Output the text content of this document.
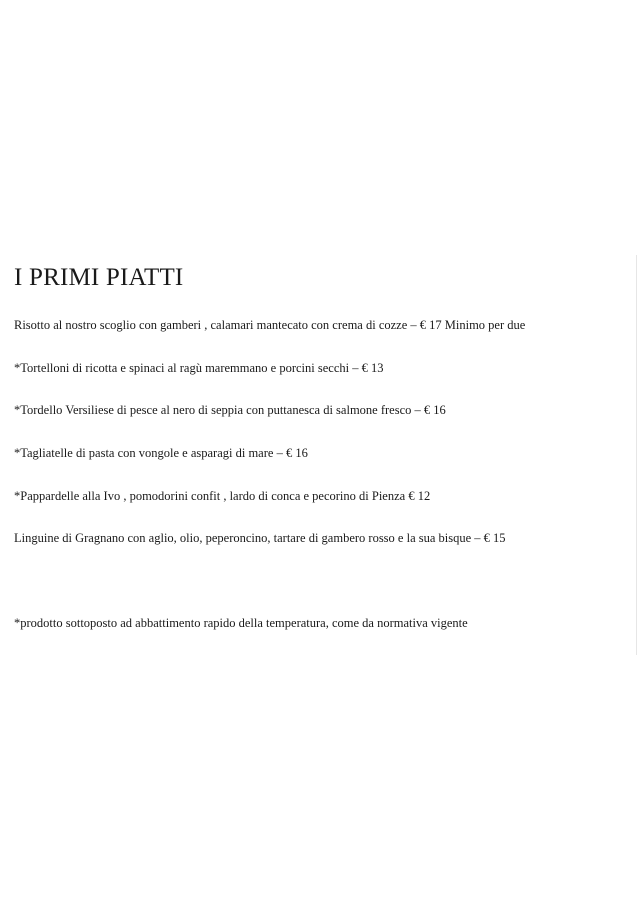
I PRIMI PIATTI

Risotto al nostro scoglio con gamberi , calamari mantecato con crema di cozze – € 17 Minimo per due

*Tortelloni di ricotta e spinaci al ragù maremmano e porcini secchi – € 13

*Tordello Versiliese di pesce al nero di seppia con puttanesca di salmone fresco – € 16

*Tagliatelle di pasta con vongole e asparagi di mare – € 16

*Pappardelle alla Ivo , pomodorini confit , lardo di conca e pecorino di Pienza € 12

Linguine di Gragnano con aglio, olio, peperoncino, tartare di gambero rosso e la sua bisque – € 15

*prodotto sottoposto ad abbattimento rapido della temperatura, come da normativa vigente
